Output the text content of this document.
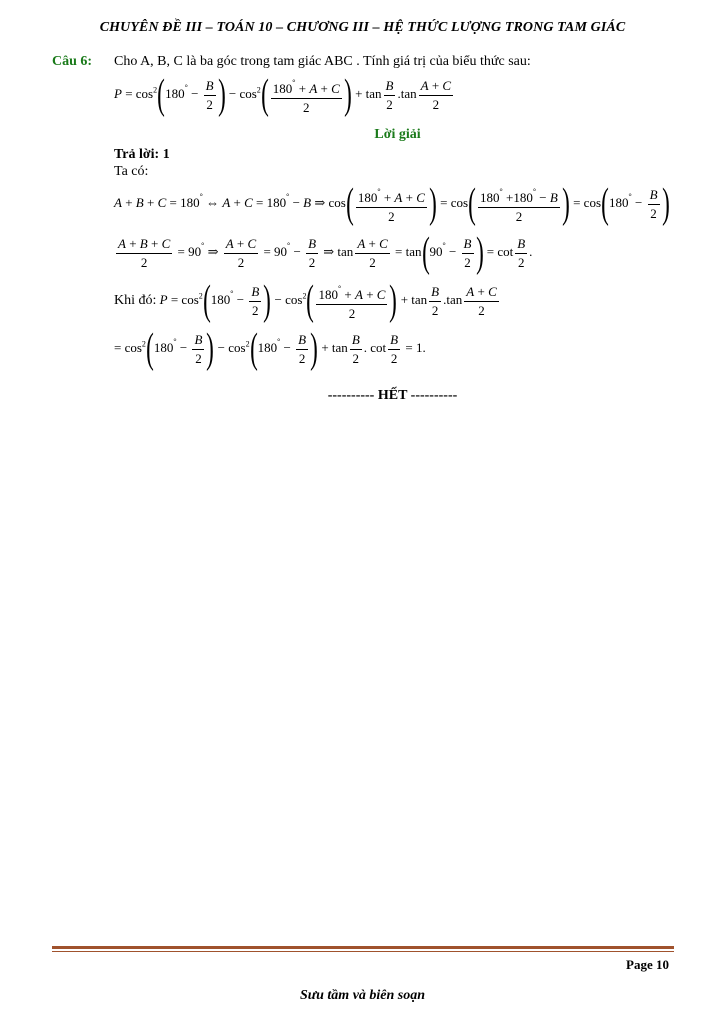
CHUYÊN ĐỀ III – TOÁN 10 – CHƯƠNG III – HỆ THỨC LƯỢNG TRONG TAM GIÁC
Câu 6: Cho A, B, C là ba góc trong tam giác ABC . Tính giá trị của biểu thức sau:
$P = \cos^2(180^\circ - \frac{B}{2}$ ) − $\cos^2( \frac{180^\circ + A + C}{2}$ ) + $\tan \frac{B}{2} .\tan \frac{A + C}{2}$
Lời giải
Trả lời: 1
Ta có:
A + B + C = 180° ⇔ A + C = 180° − B ⇒ $\cos( \frac{180^\circ + A + C}{2}$ ) = $\cos( \frac{180^\circ +180^\circ - B}{2}$ ) = $\cos(180^\circ - \frac{B}{2}$ )
$\frac{A + B + C}{2} = 90^\circ$ ⇒ $\frac{A + C}{2} = 90^\circ - \frac{B}{2}$ ⇒ $\tan \frac{A + C}{2} = \tan(90^\circ - \frac{B}{2}$ ) = $\cot \frac{B}{2}$ .
Khi đó: $P = \cos^2(180^\circ - \frac{B}{2}$ ) − $\cos^2( \frac{180^\circ + A + C}{2}$ ) + $\tan \frac{B}{2} .\tan \frac{A + C}{2}$
= $\cos^2(180^\circ - \frac{B}{2}$ ) − $\cos^2(180^\circ - \frac{B}{2}$ ) + $\tan \frac{B}{2}$ . $\cot \frac{B}{2} = 1$.
---------- HẾT ----------
Page 10
Sưu tầm và biên soạn
